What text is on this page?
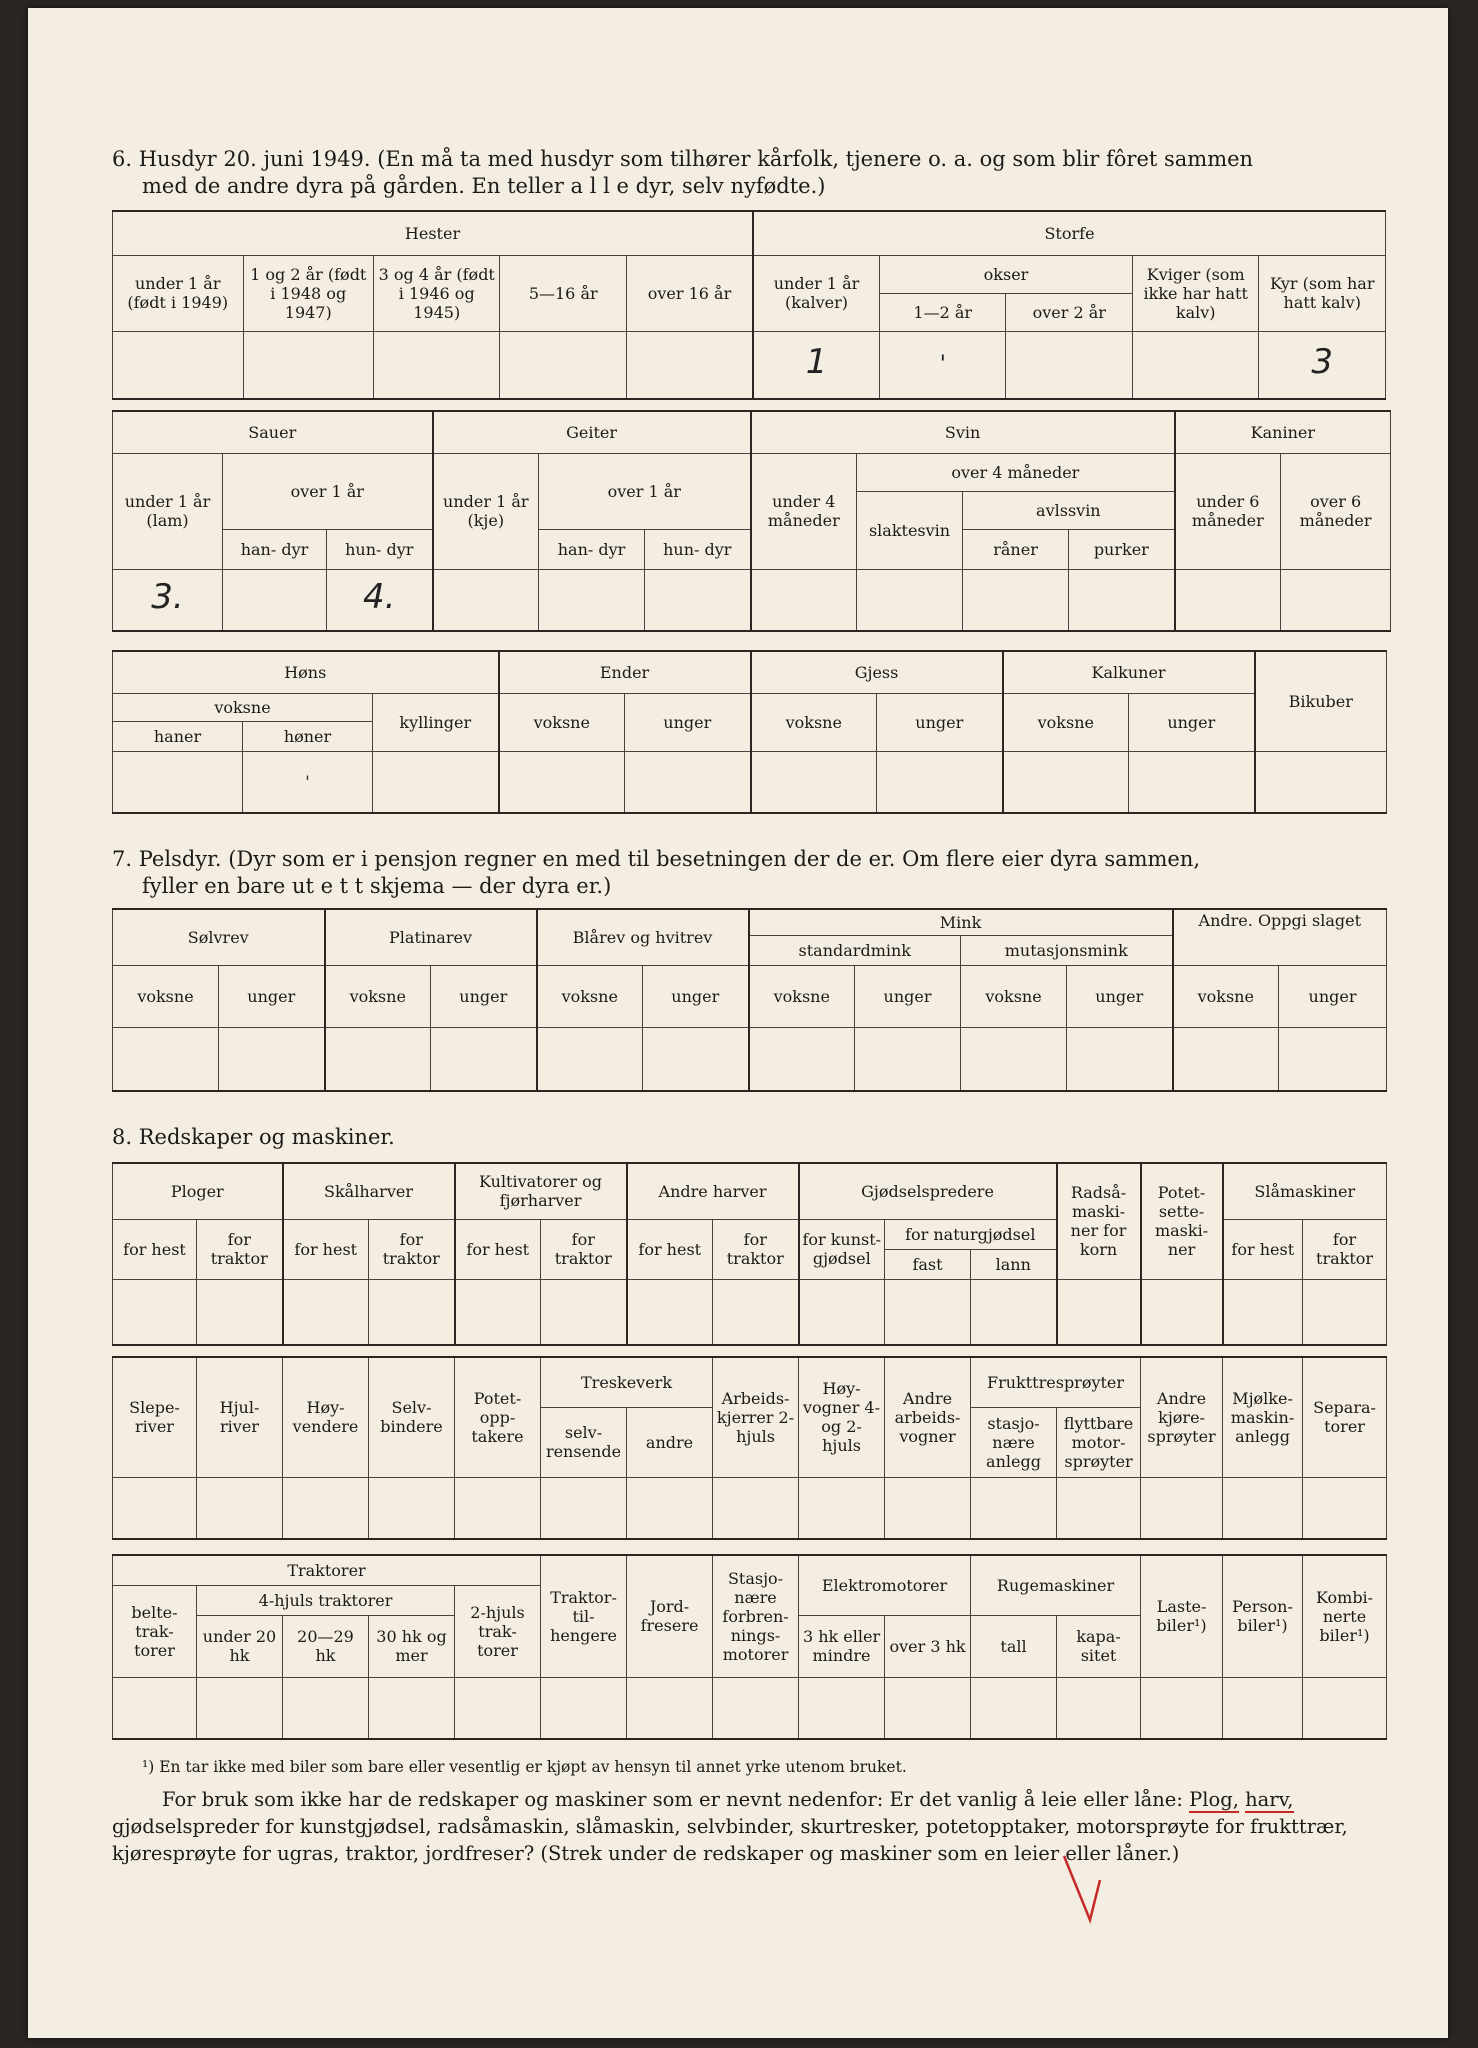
6. Husdyr 20. juni 1949. (En må ta med husdyr som tilhører kårfolk, tjenere o. a. og som blir fôret sammen

med de andre dyra på gården. En teller a l l e dyr, selv nyfødte.)

Hester					Storfe				
under 1 år (født i 1949)	1 og 2 år (født i 1948 og 1947)	3 og 4 år (født i 1946 og 1945)	5—16 år	over 16 år	under 1 år (kalver)	okser		Kviger (som ikke har hatt kalv)	Kyr (som har hatt kalv)
						1—2 år	over 2 år		
					1	'			3
Sauer			Geiter			Svin				Kaniner	
under 1 år (lam)	over 1 år		under 1 år (kje)	over 1 år		under 4 måneder	over 4 måneder			under 6 måneder	over 6 måneder
							slaktesvin	avlssvin			
	han- dyr	hun- dyr		han- dyr	hun- dyr			råner	purker		
3.		4.									
Høns			Ender		Gjess		Kalkuner		Bikuber
voksne		kyllinger	voksne	unger	voksne	unger	voksne	unger	
haner	høner								
	'								

7. Pelsdyr. (Dyr som er i pensjon regner en med til besetningen der de er. Om flere eier dyra sammen,

fyller en bare ut e t t skjema — der dyra er.)

Sølvrev		Platinarev		Blårev og hvitrev		Mink				Andre. Oppgi slaget	
						standardmink		mutasjonsmink			
voksne	unger	voksne	unger	voksne	unger	voksne	unger	voksne	unger	voksne	unger

8. Redskaper og maskiner.

Ploger		Skålharver		Kultivatorer og fjørharver		Andre harver		Gjødselspredere			Radså- maski- ner for korn	Potet- sette- maski- ner	Slåmaskiner	
for hest	for traktor	for hest	for traktor	for hest	for traktor	for hest	for traktor	for kunst- gjødsel	for naturgjødsel				for hest	for traktor
									fast	lann				

Slepe- river	Hjul- river	Høy- vendere	Selv- bindere	Potet- opp- takere	Treskeverk		Arbeids- kjerrer 2-hjuls	Høy- vogner 4- og 2- hjuls	Andre arbeids- vogner	Frukttresprøyter		Andre kjøre- sprøyter	Mjølke- maskin- anlegg	Separa- torer
					selv- rensende	andre				stasjo- nære anlegg	flyttbare motor- sprøyter			

Traktorer					Traktor- til- hengere	Jord- fresere	Stasjo- nære forbren- nings- motorer	Elektromotorer		Rugemaskiner		Laste- biler¹)	Person- biler¹)	Kombi- nerte biler¹)
belte- trak- torer	4-hjuls traktorer			2-hjuls trak- torer										
	under 20 hk	20—29 hk	30 hk og mer					3 hk eller mindre	over 3 hk	tall	kapa- sitet			

¹) En tar ikke med biler som bare eller vesentlig er kjøpt av hensyn til annet yrke utenom bruket.

For bruk som ikke har de redskaper og maskiner som er nevnt nedenfor: Er det vanlig å leie eller låne: Plog, harv, gjødselspreder for kunstgjødsel, radsåmaskin, slåmaskin, selvbinder, skurtresker, potetopptaker, motorsprøyte for frukttrær, kjøresprøyte for ugras, traktor, jordfreser? (Strek under de redskaper og maskiner som en leier eller låner.)
